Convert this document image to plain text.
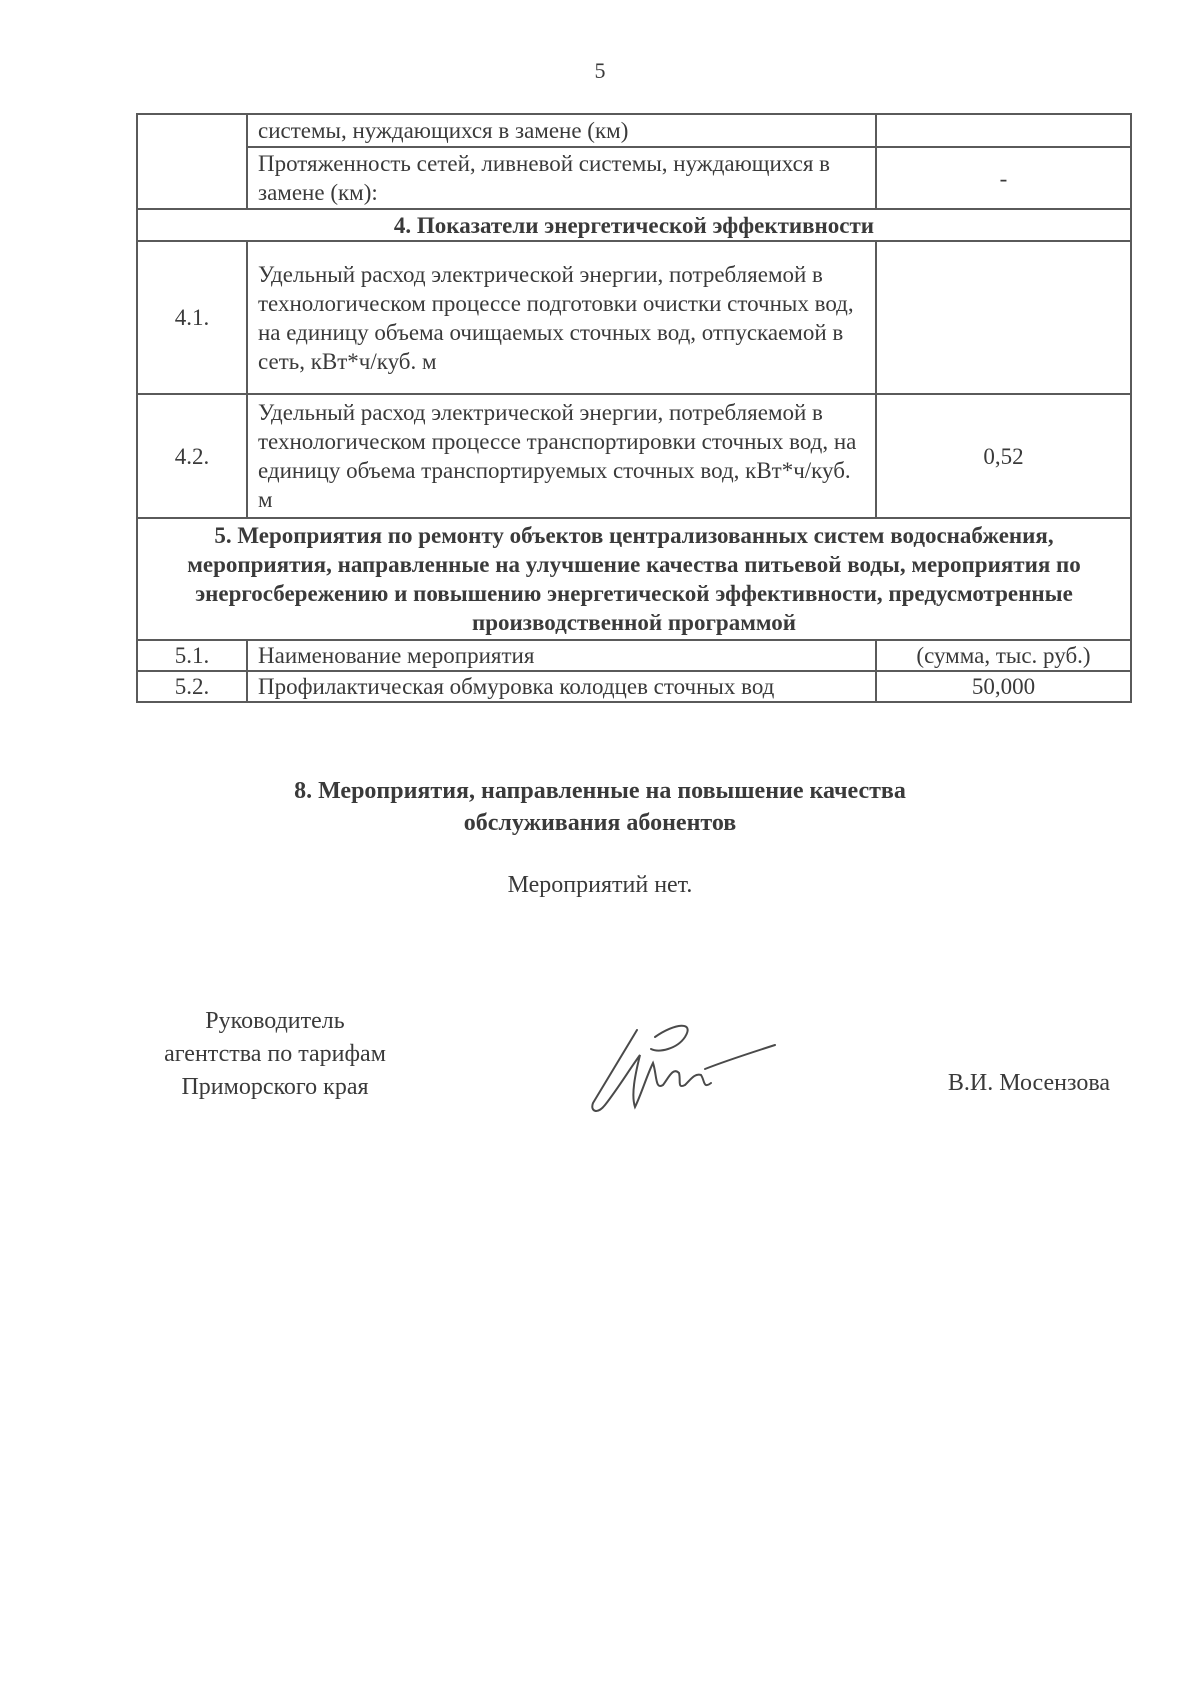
5
	системы, нуждающихся в замене (км)	
	Протяженность сетей, ливневой системы, нуждающихся в замене (км):	-
4. Показатели энергетической эффективности		
4.1.	Удельный расход электрической энергии, потребляемой в технологическом процессе подготовки очистки сточных вод, на единицу объема очищаемых сточных вод, отпускаемой в сеть, кВт*ч/куб. м	
4.2.	Удельный расход электрической энергии, потребляемой в технологическом процессе транспортировки сточных вод, на единицу объема транспортируемых сточных вод, кВт*ч/куб. м	0,52
5. Мероприятия по ремонту объектов централизованных систем водоснабжения, мероприятия, направленные на улучшение качества питьевой воды, мероприятия по энергосбережению и повышению энергетической эффективности, предусмотренные производственной программой		
5.1.	Наименование мероприятия	(сумма, тыс. руб.)
5.2.	Профилактическая обмуровка колодцев сточных вод	50,000
8. Мероприятия, направленные на повышение качества
обслуживания абонентов
Мероприятий нет.
Руководитель
агентства по тарифам
Приморского края	В.И. Мосензова
